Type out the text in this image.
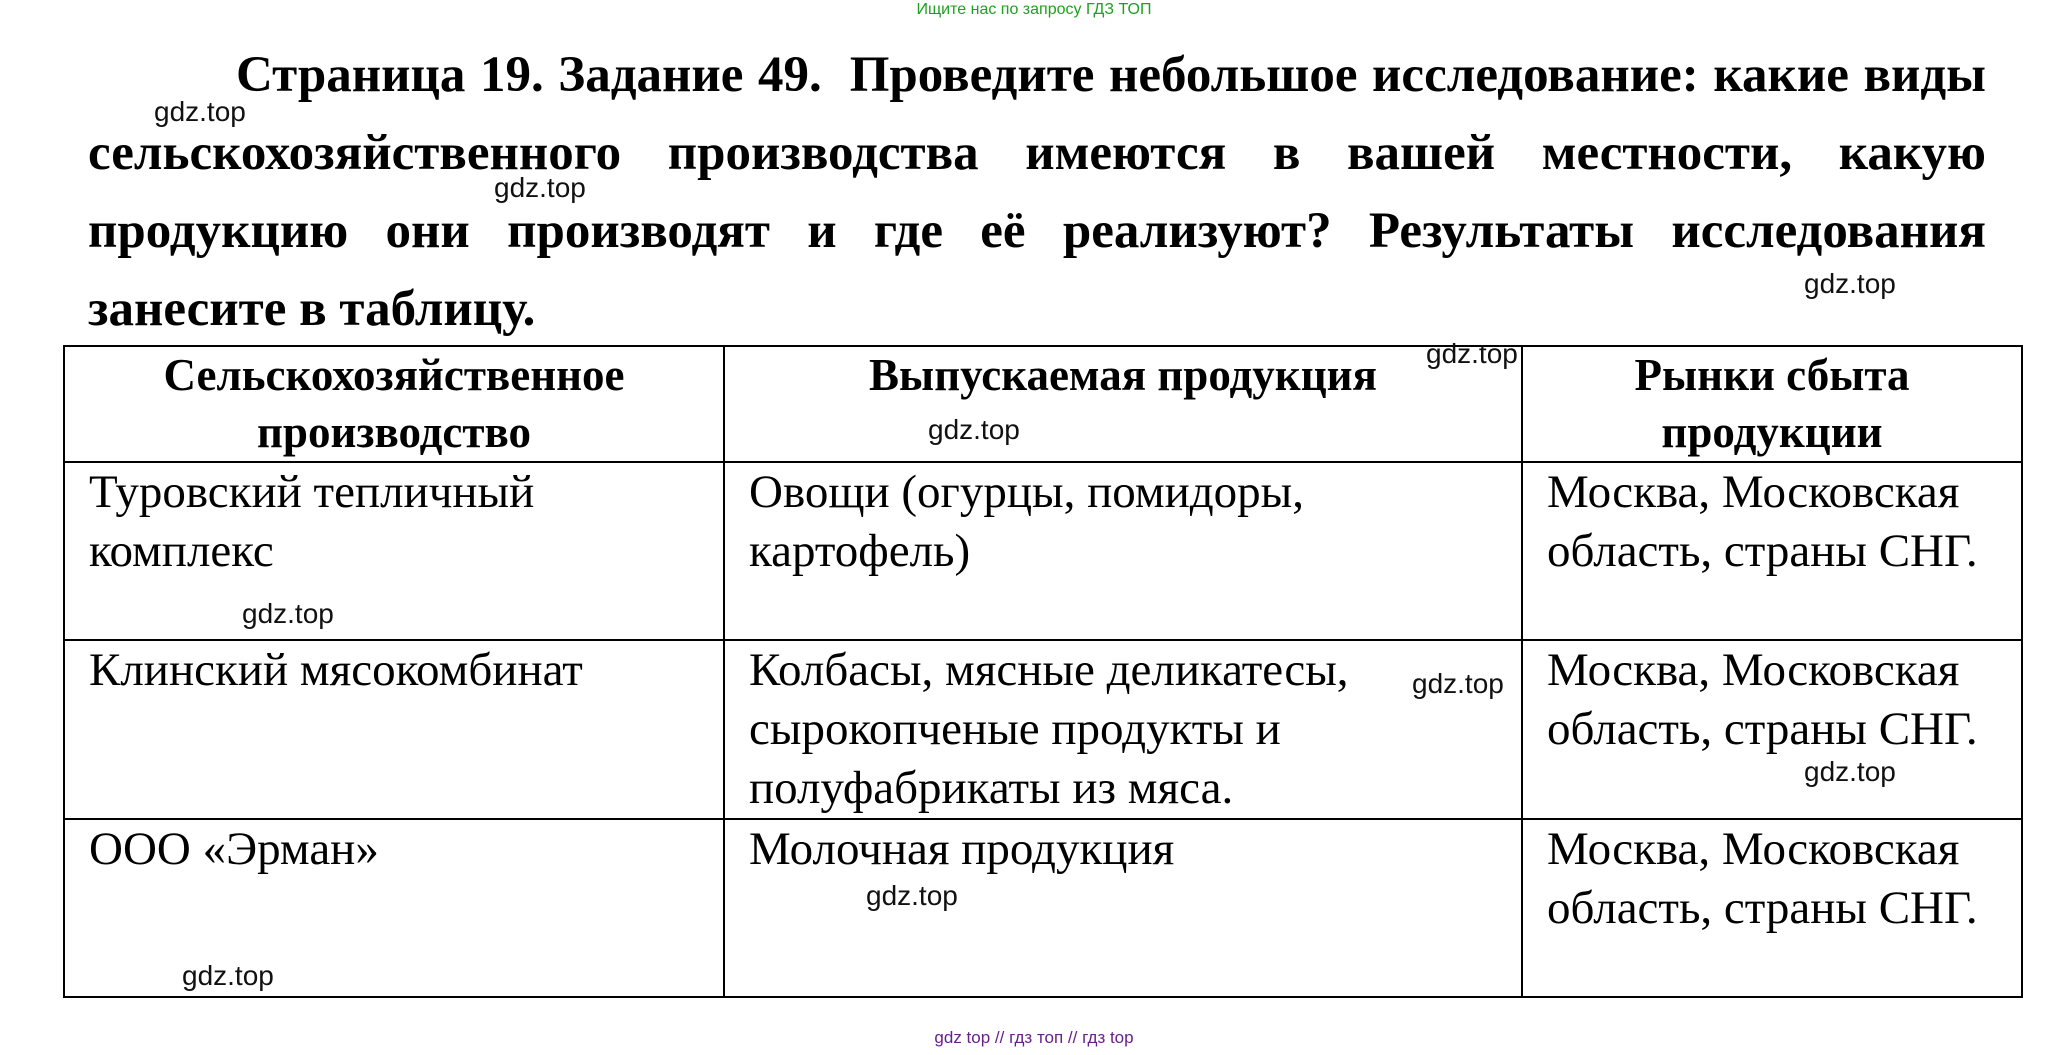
Ищите нас по запросу ГДЗ ТОП

Страница 19. Задание 49. Проведите небольшое исследование: какие виды сельскохозяйственного производства имеются в вашей местности, какую продукцию они производят и где её реализуют? Результаты исследования занесите в таблицу.

Сельскохозяйственное производство	Выпускаемая продукция	Рынки сбыта продукции
Туровский тепличный комплекс	Овощи (огурцы, помидоры, картофель)	Москва, Московская область, страны СНГ.
Клинский мясокомбинат	Колбасы, мясные деликатесы, сырокопченые продукты и полуфабрикаты из мяса.	Москва, Московская область, страны СНГ.
ООО «Эрман»	Молочная продукция	Москва, Московская область, страны СНГ.
gdz.top
gdz.top
gdz.top
gdz.top
gdz.top
gdz.top
gdz.top
gdz.top
gdz.top
gdz.top
gdz top // гдз топ // гдз top
